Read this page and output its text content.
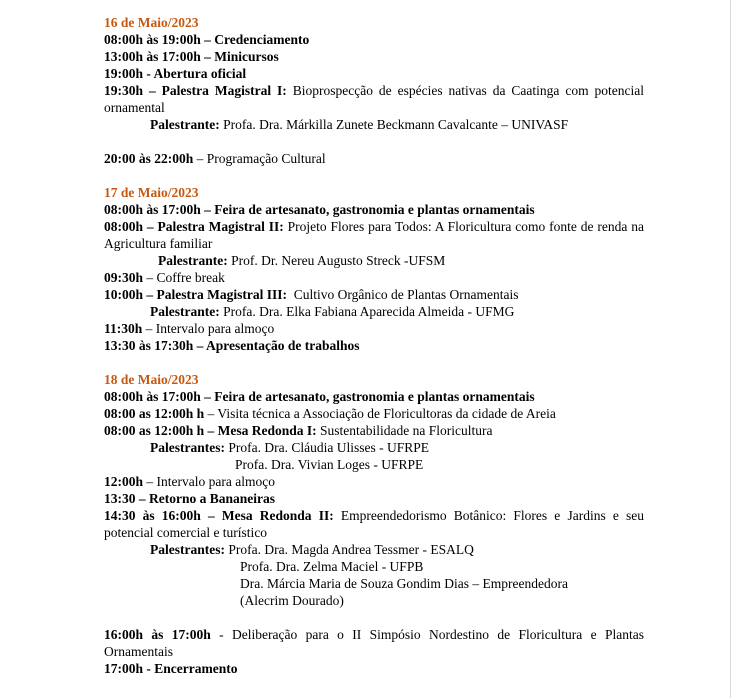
16 de Maio/2023
08:00h às 19:00h – Credenciamento
13:00h às 17:00h – Minicursos
19:00h - Abertura oficial
19:30h – Palestra Magistral I: Bioprospecção de espécies nativas da Caatinga com potencial ornamental
Palestrante: Profa. Dra. Márkilla Zunete Beckmann Cavalcante – UNIVASF
20:00 às 22:00h – Programação Cultural
17 de Maio/2023
08:00h às 17:00h – Feira de artesanato, gastronomia e plantas ornamentais
08:00h – Palestra Magistral II: Projeto Flores para Todos: A Floricultura como fonte de renda na Agricultura familiar
Palestrante: Prof. Dr. Nereu Augusto Streck -UFSM
09:30h – Coffre break
10:00h – Palestra Magistral III:  Cultivo Orgânico de Plantas Ornamentais
Palestrante: Profa. Dra. Elka Fabiana Aparecida Almeida - UFMG
11:30h – Intervalo para almoço
13:30 às 17:30h – Apresentação de trabalhos
18 de Maio/2023
08:00h às 17:00h – Feira de artesanato, gastronomia e plantas ornamentais
08:00 as 12:00h h – Visita técnica a Associação de Floricultoras da cidade de Areia
08:00 as 12:00h h – Mesa Redonda I: Sustentabilidade na Floricultura
Palestrantes: Profa. Dra. Cláudia Ulisses - UFRPE
Profa. Dra. Vivian Loges - UFRPE
12:00h – Intervalo para almoço
13:30 – Retorno a Bananeiras
14:30 às 16:00h – Mesa Redonda II: Empreendedorismo Botânico: Flores e Jardins e seu potencial comercial e turístico
Palestrantes: Profa. Dra. Magda Andrea Tessmer - ESALQ
Profa. Dra. Zelma Maciel - UFPB
Dra. Márcia Maria de Souza Gondim Dias – Empreendedora
(Alecrim Dourado)
16:00h às 17:00h - Deliberação para o II Simpósio Nordestino de Floricultura e Plantas Ornamentais
17:00h - Encerramento
